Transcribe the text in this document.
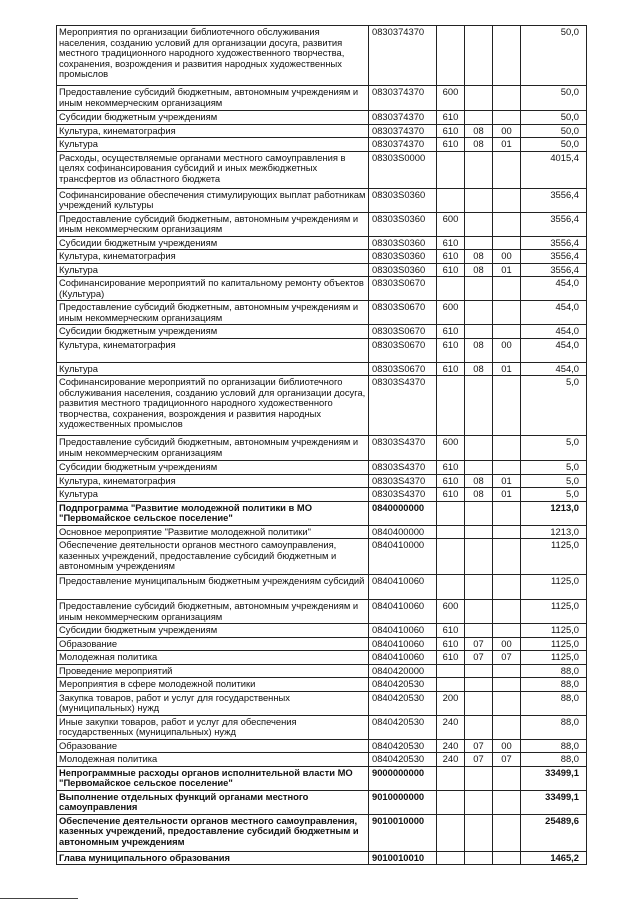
Мероприятия по организации библиотечного обслуживания населения, созданию условий для организации досуга, развития местного традиционного народного художественного творчества, сохранения, возрождения и развития народных художественных промыслов	0830374370				50,0
Предоставление субсидий бюджетным, автономным учреждениям и иным некоммерческим организациям	0830374370	600			50,0
Субсидии бюджетным учреждениям	0830374370	610			50,0
Культура, кинематография	0830374370	610	08	00	50,0
Культура	0830374370	610	08	01	50,0
Расходы, осуществляемые органами местного самоуправления в целях софинансирования субсидий и иных межбюджетных трансфертов из областного бюджета	08303S0000				4015,4
Софинансирование обеспечения стимулирующих выплат работникам учреждений культуры	08303S0360				3556,4
Предоставление субсидий бюджетным, автономным учреждениям и иным некоммерческим организациям	08303S0360	600			3556,4
Субсидии бюджетным учреждениям	08303S0360	610			3556,4
Культура, кинематография	08303S0360	610	08	00	3556,4
Культура	08303S0360	610	08	01	3556,4
Софинансирование мероприятий по капитальному ремонту объектов (Культура)	08303S0670				454,0
Предоставление субсидий бюджетным, автономным учреждениям и иным некоммерческим организациям	08303S0670	600			454,0
Субсидии бюджетным учреждениям	08303S0670	610			454,0
Культура, кинематография	08303S0670	610	08	00	454,0
Культура	08303S0670	610	08	01	454,0
Софинансирование мероприятий по организации библиотечного обслуживания населения, созданию условий для организации досуга, развития местного традиционного народного художественного творчества, сохранения, возрождения и развития народных художественных промыслов	08303S4370				5,0
Предоставление субсидий бюджетным, автономным учреждениям и иным некоммерческим организациям	08303S4370	600			5,0
Субсидии бюджетным учреждениям	08303S4370	610			5,0
Культура, кинематография	08303S4370	610	08	01	5,0
Культура	08303S4370	610	08	01	5,0
Подпрограмма "Развитие молодежной политики в МО "Первомайское сельское поселение"	0840000000				1213,0
Основное мероприятие "Развитие молодежной политики"	0840400000				1213,0
Обеспечение деятельности органов местного самоуправления, казенных учреждений, предоставление субсидий бюджетным и автономным учреждениям	0840410000				1125,0
Предоставление муниципальным бюджетным учреждениям субсидий	0840410060				1125,0
Предоставление субсидий бюджетным, автономным учреждениям и иным некоммерческим организациям	0840410060	600			1125,0
Субсидии бюджетным учреждениям	0840410060	610			1125,0
Образование	0840410060	610	07	00	1125,0
Молодежная политика	0840410060	610	07	07	1125,0
Проведение мероприятий	0840420000				88,0
Мероприятия в сфере молодежной политики	0840420530				88,0
Закупка товаров, работ и услуг для государственных (муниципальных) нужд	0840420530	200			88,0
Иные закупки товаров, работ и услуг для обеспечения государственных (муниципальных) нужд	0840420530	240			88,0
Образование	0840420530	240	07	00	88,0
Молодежная политика	0840420530	240	07	07	88,0
Непрограммные расходы органов исполнительной власти МО "Первомайское сельское поселение"	9000000000				33499,1
Выполнение отдельных функций органами местного самоуправления	9010000000				33499,1
Обеспечение деятельности органов местного самоуправления, казенных учреждений, предоставление субсидий бюджетным и автономным учреждениям	9010010000				25489,6
Глава муниципального образования	9010010010				1465,2
